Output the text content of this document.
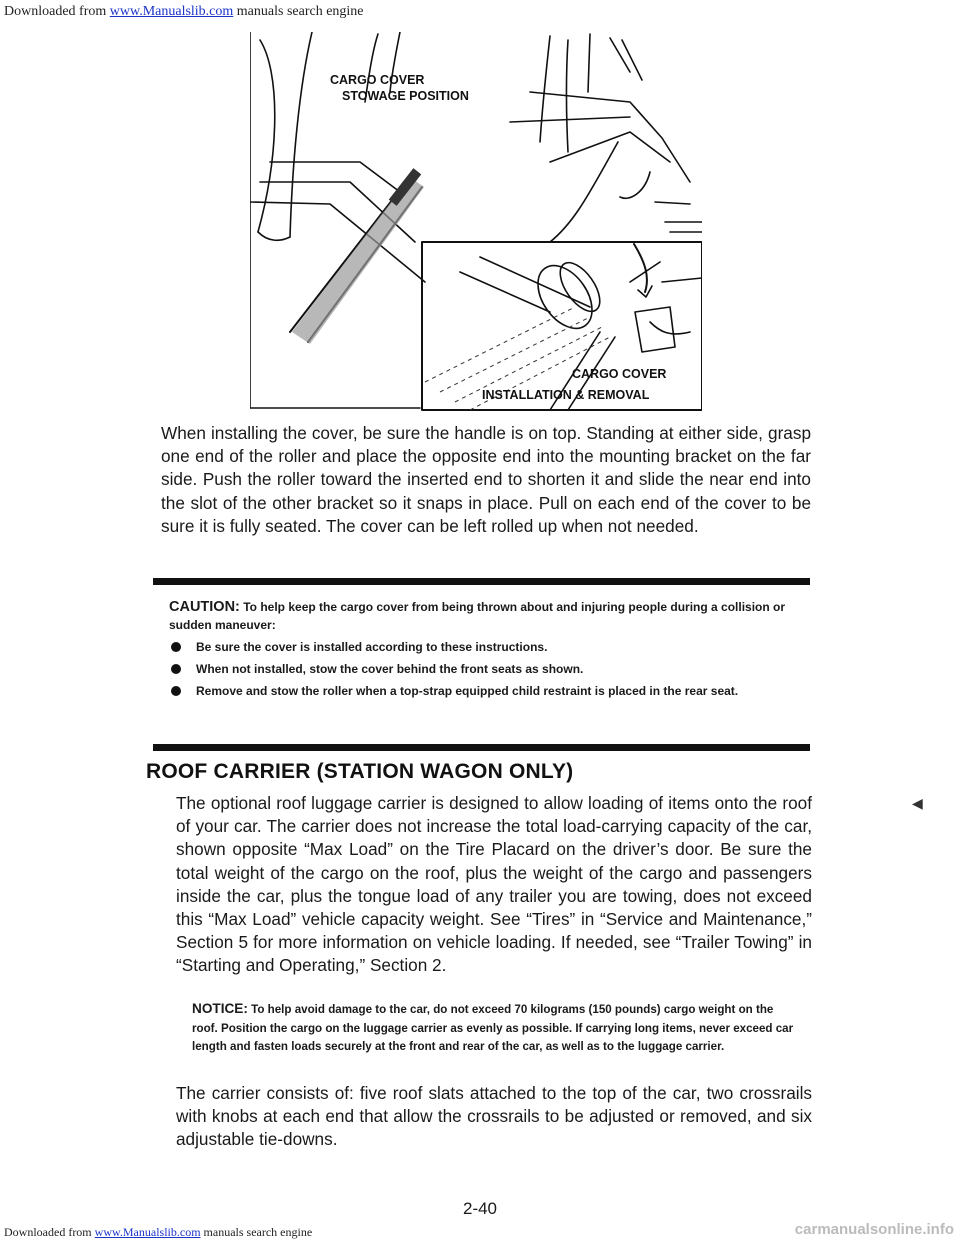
Downloaded from www.Manualslib.com manuals search engine
CARGO COVER
STOWAGE POSITION
CARGO COVER
INSTALLATION & REMOVAL

When installing the cover, be sure the handle is on top. Standing at either side, grasp one end of the roller and place the opposite end into the mounting bracket on the far side. Push the roller toward the inserted end to shorten it and slide the near end into the slot of the other bracket so it snaps in place. Pull on each end of the cover to be sure it is fully seated. The cover can be left rolled up when not needed.

CAUTION: To help keep the cargo cover from being thrown about and injuring people during a collision or sudden maneuver:
Be sure the cover is installed according to these instructions.
When not installed, stow the cover behind the front seats as shown.
Remove and stow the roller when a top-strap equipped child restraint is placed in the rear seat.
ROOF CARRIER (STATION WAGON ONLY)

The optional roof luggage carrier is designed to allow loading of items onto the roof of your car. The carrier does not increase the total load-carrying capacity of the car, shown opposite “Max Load” on the Tire Placard on the driver’s door. Be sure the total weight of the cargo on the roof, plus the weight of the cargo and passengers inside the car, plus the tongue load of any trailer you are towing, does not exceed this “Max Load” vehicle capacity weight. See “Tires” in “Service and Maintenance,” Section 5 for more information on vehicle loading. If needed, see “Trailer Towing” in “Starting and Operating,” Section 2.

NOTICE: To help avoid damage to the car, do not exceed 70 kilograms (150 pounds) cargo weight on the roof. Position the cargo on the luggage carrier as evenly as possible. If carrying long items, never exceed car length and fasten loads securely at the front and rear of the car, as well as to the luggage carrier.

The carrier consists of: five roof slats attached to the top of the car, two crossrails with knobs at each end that allow the crossrails to be adjusted or removed, and six adjustable tie-downs.

◀
2-40
Downloaded from www.Manualslib.com manuals search engine	carmanualsonline.info
